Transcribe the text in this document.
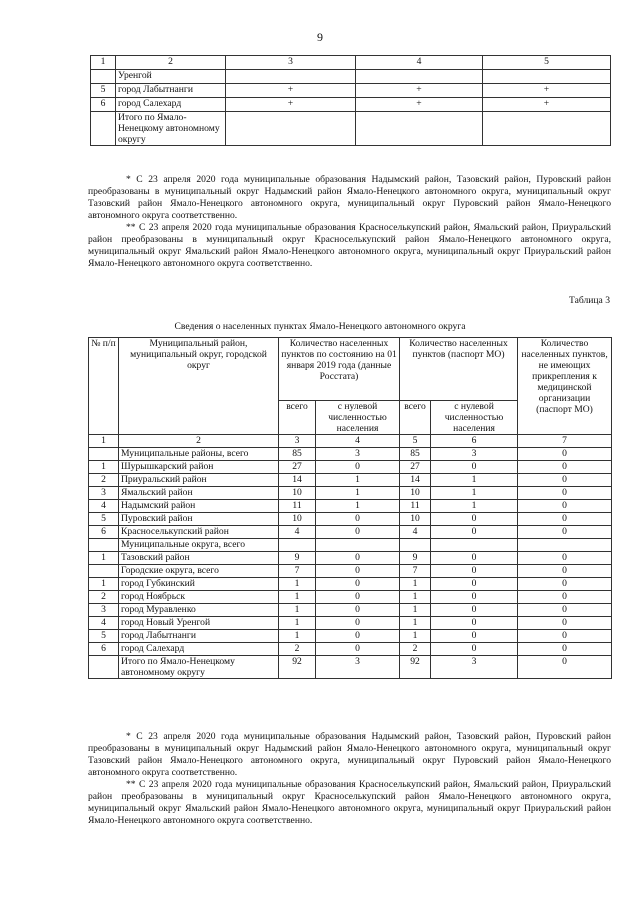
9
1	2	3	4	5
	Уренгой			
5	город Лабытнанги	+	+	+
6	город Салехард	+	+	+
	Итого по Ямало-Ненецкому автономному округу			

* С 23 апреля 2020 года муниципальные образования Надымский район, Тазовский район, Пуровский район преобразованы в муниципальный округ Надымский район Ямало-Ненецкого автономного округа, муниципальный округ Тазовский район Ямало-Ненецкого автономного округа, муниципальный округ Пуровский район Ямало-Ненецкого автономного округа соответственно.

** С 23 апреля 2020 года муниципальные образования Красноселькупский район, Ямальский район, Приуральский район преобразованы в муниципальный округ Красноселькупский район Ямало-Ненецкого автономного округа, муниципальный округ Ямальский район Ямало-Ненецкого автономного округа, муниципальный округ Приуральский район Ямало-Ненецкого автономного округа соответственно.

Таблица 3
Сведения о населенных пунктах Ямало-Ненецкого автономного округа
№ п/п	Муниципальный район, муниципальный округ, городской округ	Количество населенных пунктов по состоянию на 01 января 2019 года (данные Росстата)		Количество населенных пунктов (паспорт МО)		Количество населенных пунктов, не имеющих прикрепления к медицинской организации (паспорт МО)
		всего	с нулевой численностью населения	всего	с нулевой численностью населения	
1	2	3	4	5	6	7
	Муниципальные районы, всего	85	3	85	3	0
1	Шурышкарский район	27	0	27	0	0
2	Приуральский район	14	1	14	1	0
3	Ямальский район	10	1	10	1	0
4	Надымский район	11	1	11	1	0
5	Пуровский район	10	0	10	0	0
6	Красноселькупский район	4	0	4	0	0
	Муниципальные округа, всего					
1	Тазовский район	9	0	9	0	0
	Городские округа, всего	7	0	7	0	0
1	город Губкинский	1	0	1	0	0
2	город Ноябрьск	1	0	1	0	0
3	город Муравленко	1	0	1	0	0
4	город Новый Уренгой	1	0	1	0	0
5	город Лабытнанги	1	0	1	0	0
6	город Салехард	2	0	2	0	0
	Итого по Ямало-Ненецкому автономному округу	92	3	92	3	0

* С 23 апреля 2020 года муниципальные образования Надымский район, Тазовский район, Пуровский район преобразованы в муниципальный округ Надымский район Ямало-Ненецкого автономного округа, муниципальный округ Тазовский район Ямало-Ненецкого автономного округа, муниципальный округ Пуровский район Ямало-Ненецкого автономного округа соответственно.

** С 23 апреля 2020 года муниципальные образования Красноселькупский район, Ямальский район, Приуральский район преобразованы в муниципальный округ Красноселькупский район Ямало-Ненецкого автономного округа, муниципальный округ Ямальский район Ямало-Ненецкого автономного округа, муниципальный округ Приуральский район Ямало-Ненецкого автономного округа соответственно.
